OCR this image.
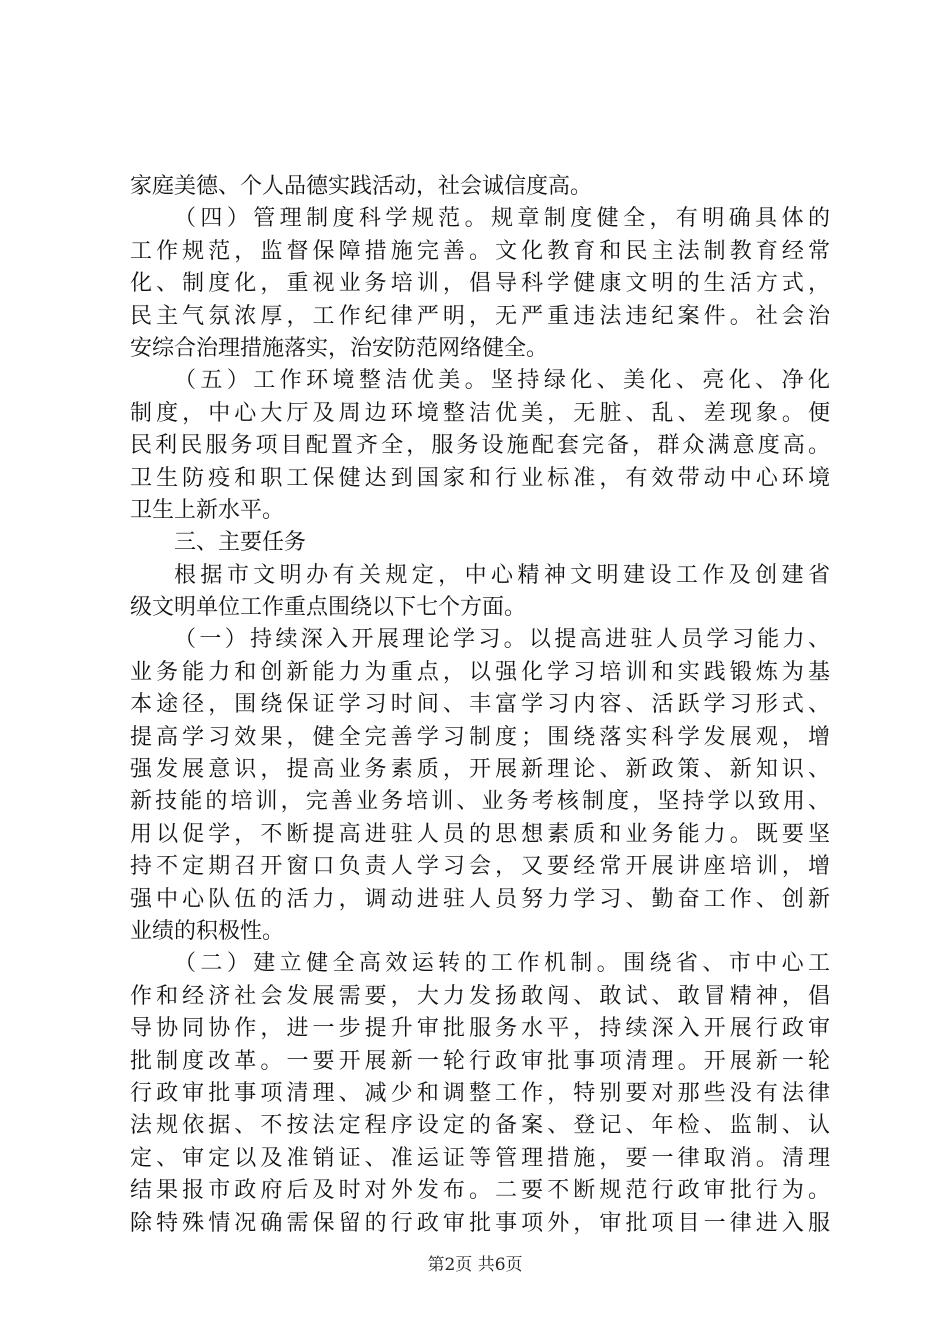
家庭美德、个人品德实践活动，社会诚信度高。
（四）管理制度科学规范。规章制度健全，有明确具体的
工作规范，监督保障措施完善。文化教育和民主法制教育经常
化、制度化，重视业务培训，倡导科学健康文明的生活方式，
民主气氛浓厚，工作纪律严明，无严重违法违纪案件。社会治
安综合治理措施落实，治安防范网络健全。
（五）工作环境整洁优美。坚持绿化、美化、亮化、净化
制度，中心大厅及周边环境整洁优美，无脏、乱、差现象。便
民利民服务项目配置齐全，服务设施配套完备，群众满意度高。
卫生防疫和职工保健达到国家和行业标准，有效带动中心环境
卫生上新水平。
三、主要任务
根据市文明办有关规定，中心精神文明建设工作及创建省
级文明单位工作重点围绕以下七个方面。
（一）持续深入开展理论学习。以提高进驻人员学习能力、
业务能力和创新能力为重点，以强化学习培训和实践锻炼为基
本途径，围绕保证学习时间、丰富学习内容、活跃学习形式、
提高学习效果，健全完善学习制度；围绕落实科学发展观，增
强发展意识，提高业务素质，开展新理论、新政策、新知识、
新技能的培训，完善业务培训、业务考核制度，坚持学以致用、
用以促学，不断提高进驻人员的思想素质和业务能力。既要坚
持不定期召开窗口负责人学习会，又要经常开展讲座培训，增
强中心队伍的活力，调动进驻人员努力学习、勤奋工作、创新
业绩的积极性。
（二）建立健全高效运转的工作机制。围绕省、市中心工
作和经济社会发展需要，大力发扬敢闯、敢试、敢冒精神，倡
导协同协作，进一步提升审批服务水平，持续深入开展行政审
批制度改革。一要开展新一轮行政审批事项清理。开展新一轮
行政审批事项清理、减少和调整工作，特别要对那些没有法律
法规依据、不按法定程序设定的备案、登记、年检、监制、认
定、审定以及准销证、准运证等管理措施，要一律取消。清理
结果报市政府后及时对外发布。二要不断规范行政审批行为。
除特殊情况确需保留的行政审批事项外，审批项目一律进入服
第2页 共6页
